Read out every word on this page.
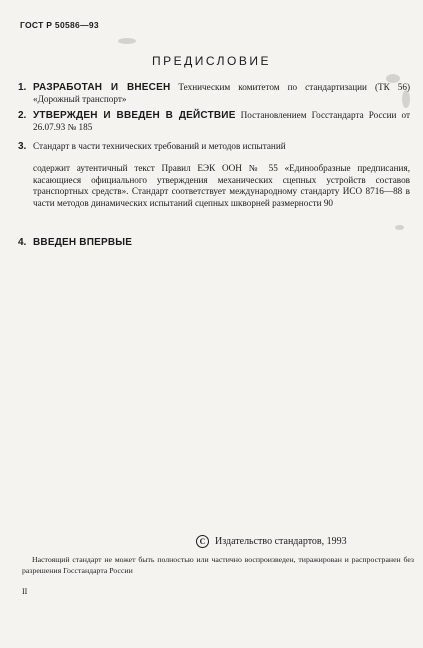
ГОСТ Р 50586—93
ПРЕДИСЛОВИЕ
1. РАЗРАБОТАН И ВНЕСЕН Техническим комитетом по стандартизации (ТК 56) «Дорожный транспорт»
2. УТВЕРЖДЕН И ВВЕДЕН В ДЕЙСТВИЕ Постановлением Госстандарта России от 26.07.93 № 185
3. Стандарт в части технических требований и методов испытаний
содержит аутентичный текст Правил ЕЭК ООН № 55 «Единообразные предписания, касающиеся официального утверждения механических сцепных устройств составов транспортных средств». Стандарт соответствует международному стандарту ИСО 8716—88 в части методов динамических испытаний сцепных шкворней размерности 90
4. ВВЕДЕН ВПЕРВЫЕ
С Издательство стандартов, 1993
Настоящий стандарт не может быть полностью или частично воспроизведен, тиражирован и распространен без разрешения Госстандарта России
II
